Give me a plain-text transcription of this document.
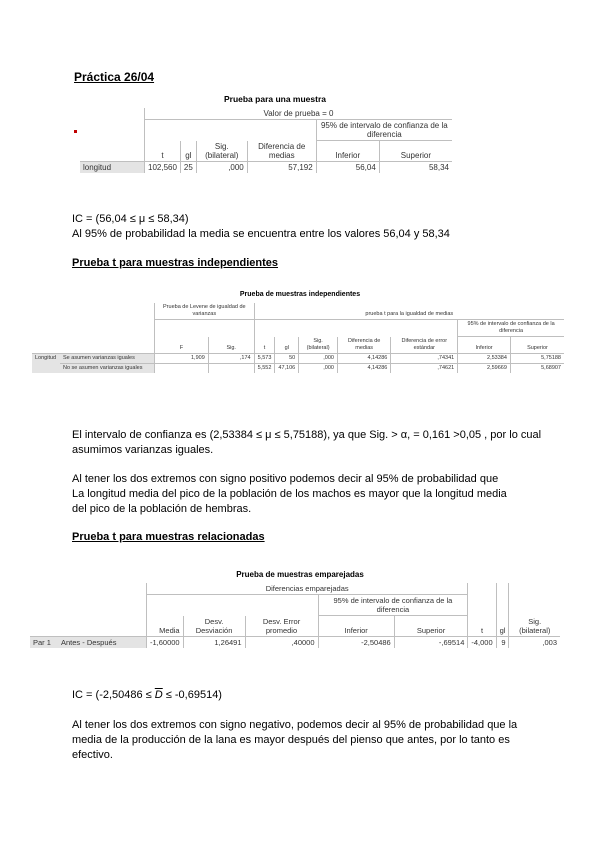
Práctica 26/04
Prueba para una muestra
	Valor de prueba = 0					
					95% de intervalo de confianza de la diferencia	
	t	gl	Sig. (bilateral)	Diferencia de medias	Inferior	Superior
longitud	102,560	25	,000	57,192	56,04	58,34

IC = (56,04 ≤ μ ≤ 58,34)

Al 95% de probabilidad la media se encuentra entre los valores 56,04 y 58,34

Prueba t para muestras independientes
Prueba de muestras independientes
		Prueba de Levene de igualdad de varianzas		prueba t para la igualdad de medias						
									95% de intervalo de confianza de la diferencia	
		F	Sig.	t	gl	Sig. (bilateral)	Diferencia de medias	Diferencia de error estándar	Inferior	Superior
Longitud	Se asumen varianzas iguales	1,909	,174	5,573	50	,000	4,14286	,74341	2,53384	5,75188
	No se asumen varianzas iguales			5,552	47,106	,000	4,14286	,74621	2,59669	5,68907

El intervalo de confianza es (2,53384 ≤ μ ≤ 5,75188), ya que Sig. > α, = 0,161 >0,05 , por lo cual asumimos varianzas iguales.

Al tener los dos extremos con signo positivo podemos decir al 95% de probabilidad que

La longitud media del pico de la población de los machos es mayor que la longitud media

del pico de la población de hembras.

Prueba t para muestras relacionadas
Prueba de muestras emparejadas
		Diferencias emparejadas							
					95% de intervalo de confianza de la diferencia				
		Media	Desv. Desviación	Desv. Error promedio	Inferior	Superior	t	gl	Sig. (bilateral)
Par 1	Antes - Después	-1,60000	1,26491	,40000	-2,50486	-,69514	-4,000	9	,003

IC = $(-2,50486 \le \overline{D} \le -0,69514)$

Al tener los dos extremos con signo negativo, podemos decir al 95% de probabilidad que la

media de la producción de la lana es mayor después del pienso que antes, por lo tanto es

efectivo.
